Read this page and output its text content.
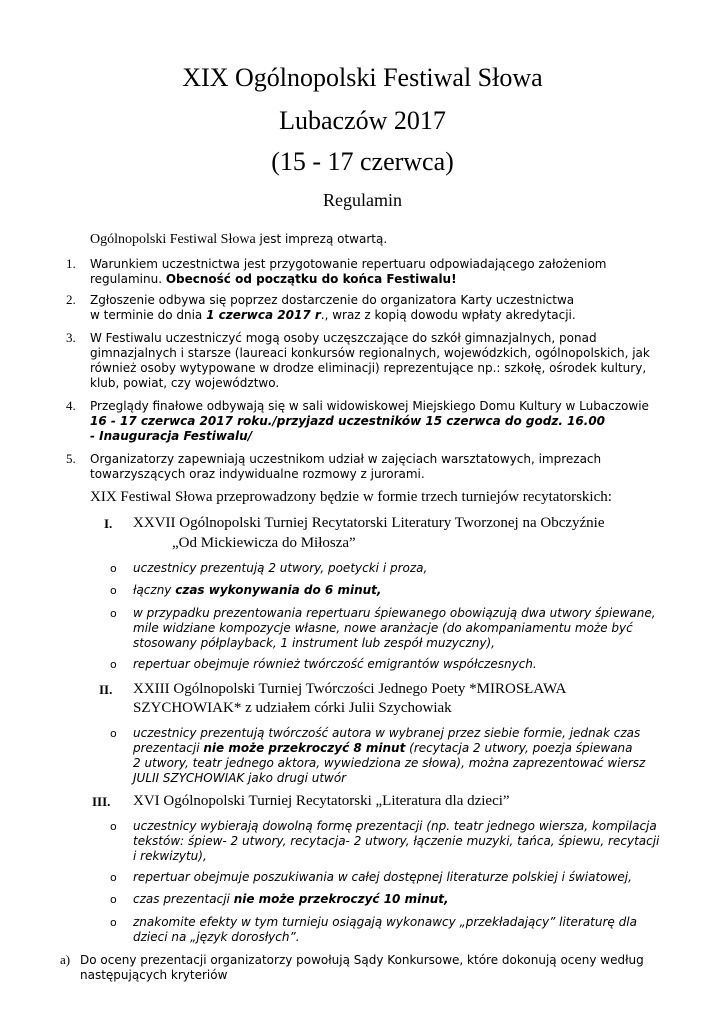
XIX Ogólnopolski Festiwal Słowa
Lubaczów 2017
(15 - 17 czerwca)
Regulamin
Ogólnopolski Festiwal Słowa jest imprezą otwartą.
1. Warunkiem uczestnictwa jest przygotowanie repertuaru odpowiadającego założeniom
regulaminu. Obecność od początku do końca Festiwalu!
2. Zgłoszenie odbywa się poprzez dostarczenie do organizatora Karty uczestnictwa
w terminie do dnia 1 czerwca 2017 r., wraz z kopią dowodu wpłaty akredytacji.
3. W Festiwalu uczestniczyć mogą osoby uczęszczające do szkół gimnazjalnych, ponad
gimnazjalnych i starsze (laureaci konkursów regionalnych, wojewódzkich, ogólnopolskich, jak
również osoby wytypowane w drodze eliminacji) reprezentujące np.: szkołę, ośrodek kultury,
klub, powiat, czy województwo.
4. Przeglądy finałowe odbywają się w sali widowiskowej Miejskiego Domu Kultury w Lubaczowie
16 - 17 czerwca 2017 roku./przyjazd uczestników 15 czerwca do godz. 16.00
- Inauguracja Festiwalu/
5. Organizatorzy zapewniają uczestnikom udział w zajęciach warsztatowych, imprezach
towarzyszących oraz indywidualne rozmowy z jurorami.
XIX Festiwal Słowa przeprowadzony będzie w formie trzech turniejów recytatorskich:
I. XXVII Ogólnopolski Turniej Recytatorski Literatury Tworzonej na Obczyźnie
„Od Mickiewicza do Miłosza”
o uczestnicy prezentują 2 utwory, poetycki i proza,
o łączny czas wykonywania do 6 minut,
o w przypadku prezentowania repertuaru śpiewanego obowiązują dwa utwory śpiewane,
mile widziane kompozycje własne, nowe aranżacje (do akompaniamentu może być
stosowany półplayback, 1 instrument lub zespół muzyczny),
o repertuar obejmuje również twórczość emigrantów współczesnych.
II. XXIII Ogólnopolski Turniej Twórczości Jednego Poety *MIROSŁAWA
SZYCHOWIAK* z udziałem córki Julii Szychowiak
o uczestnicy prezentują twórczość autora w wybranej przez siebie formie, jednak czas
prezentacji nie może przekroczyć 8 minut (recytacja 2 utwory, poezja śpiewana
2 utwory, teatr jednego aktora, wywiedziona ze słowa), można zaprezentować wiersz
JULII SZYCHOWIAK jako drugi utwór
III. XVI Ogólnopolski Turniej Recytatorski „Literatura dla dzieci”
o uczestnicy wybierają dowolną formę prezentacji (np. teatr jednego wiersza, kompilacja
tekstów: śpiew- 2 utwory, recytacja- 2 utwory, łączenie muzyki, tańca, śpiewu, recytacji
i rekwizytu),
o repertuar obejmuje poszukiwania w całej dostępnej literaturze polskiej i światowej,
o czas prezentacji nie może przekroczyć 10 minut,
o znakomite efekty w tym turnieju osiągają wykonawcy „przekładający” literaturę dla
dzieci na „język dorosłych”.
a) Do oceny prezentacji organizatorzy powołują Sądy Konkursowe, które dokonują oceny według
następujących kryteriów
